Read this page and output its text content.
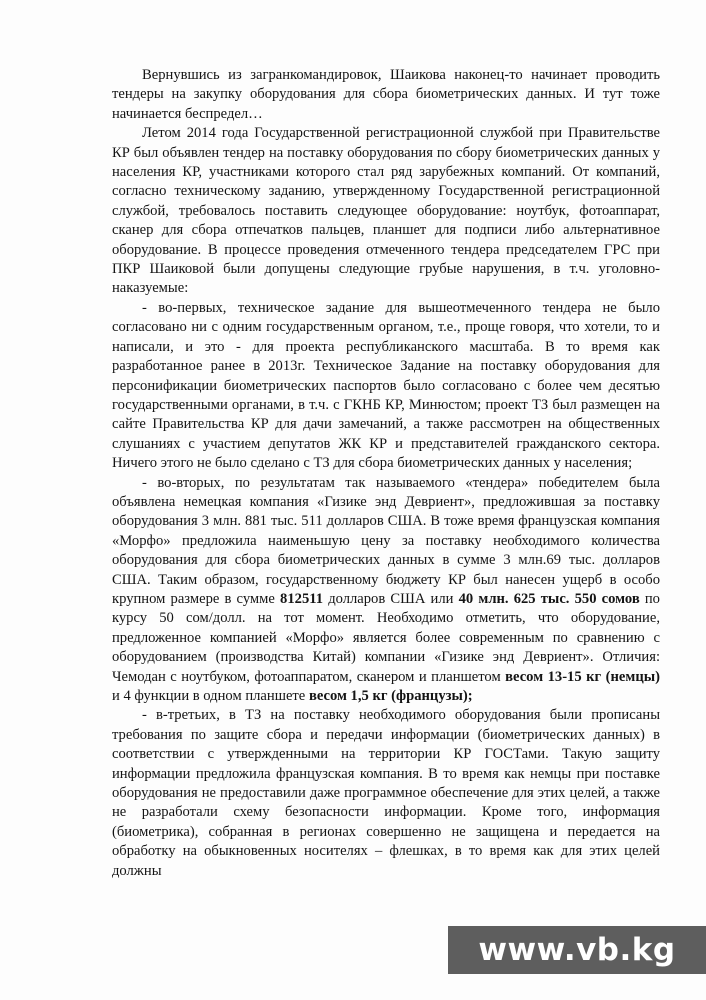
Вернувшись из загранкомандировок, Шаикова наконец-то начинает проводить тендеры на закупку оборудования для сбора биометрических данных. И тут тоже начинается беспредел…

Летом 2014 года Государственной регистрационной службой при Правительстве КР был объявлен тендер на поставку оборудования по сбору биометрических данных у населения КР, участниками которого стал ряд зарубежных компаний. От компаний, согласно техническому заданию, утвержденному Государственной регистрационной службой, требовалось поставить следующее оборудование: ноутбук, фотоаппарат, сканер для сбора отпечатков пальцев, планшет для подписи либо альтернативное оборудование. В процессе проведения отмеченного тендера председателем ГРС при ПКР Шаиковой были допущены следующие грубые нарушения, в т.ч. уголовно-наказуемые:

- во-первых, техническое задание для вышеотмеченного тендера не было согласовано ни с одним государственным органом, т.е., проще говоря, что хотели, то и написали, и это - для проекта республиканского масштаба. В то время как разработанное ранее в 2013г. Техническое Задание на поставку оборудования для персонификации биометрических паспортов было согласовано с более чем десятью государственными органами, в т.ч. с ГКНБ КР, Минюстом; проект ТЗ был размещен на сайте Правительства КР для дачи замечаний, а также рассмотрен на общественных слушаниях с участием депутатов ЖК КР и представителей гражданского сектора. Ничего этого не было сделано с ТЗ для сбора биометрических данных у населения;

- во-вторых, по результатам так называемого «тендера» победителем была объявлена немецкая компания «Гизике энд Девриент», предложившая за поставку оборудования 3 млн. 881 тыс. 511 долларов США. В тоже время французская компания «Морфо» предложила наименьшую цену за поставку необходимого количества оборудования для сбора биометрических данных в сумме 3 млн.69 тыс. долларов США. Таким образом, государственному бюджету КР был нанесен ущерб в особо крупном размере в сумме 812511 долларов США или 40 млн. 625 тыс. 550 сомов по курсу 50 сом/долл. на тот момент. Необходимо отметить, что оборудование, предложенное компанией «Морфо» является более современным по сравнению с оборудованием (производства Китай) компании «Гизике энд Девриент». Отличия: Чемодан с ноутбуком, фотоаппаратом, сканером и планшетом весом 13-15 кг (немцы) и 4 функции в одном планшете весом 1,5 кг (французы);

- в-третьих, в ТЗ на поставку необходимого оборудования были прописаны требования по защите сбора и передачи информации (биометрических данных) в соответствии с утвержденными на территории КР ГОСТами. Такую защиту информации предложила французская компания. В то время как немцы при поставке оборудования не предоставили даже программное обеспечение для этих целей, а также не разработали схему безопасности информации. Кроме того, информация (биометрика), собранная в регионах совершенно не защищена и передается на обработку на обыкновенных носителях – флешках, в то время как для этих целей должны

www.vb.kg
